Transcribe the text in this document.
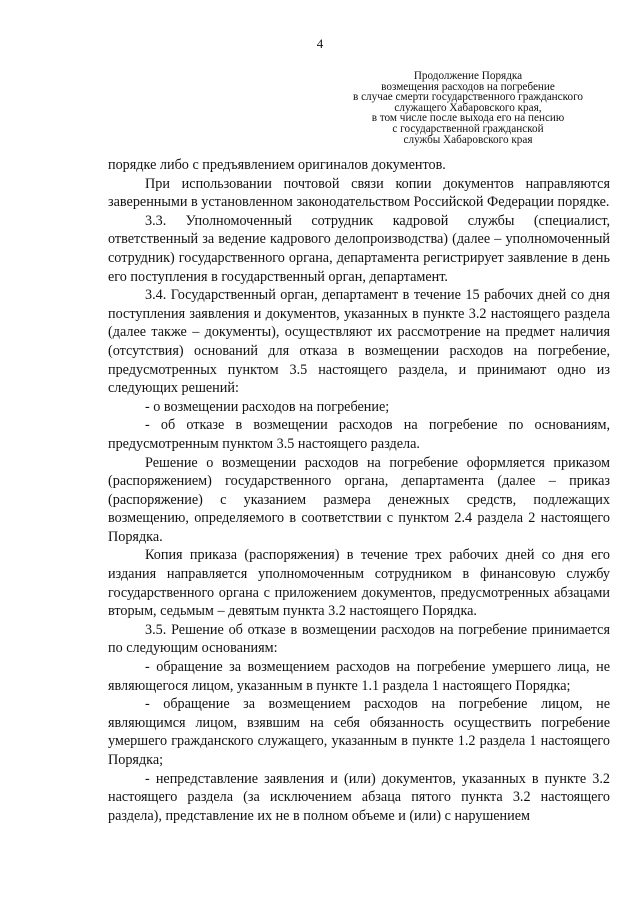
4
Продолжение Порядка
возмещения расходов на погребение
в случае смерти государственного гражданского
служащего Хабаровского края,
в том числе после выхода его на пенсию
с государственной гражданской
службы Хабаровского края

порядке либо с предъявлением оригиналов документов.

При использовании почтовой связи копии документов направляются заверенными в установленном законодательством Российской Федерации порядке.

3.3. Уполномоченный сотрудник кадровой службы (специалист, ответственный за ведение кадрового делопроизводства) (далее – уполномоченный сотрудник) государственного органа, департамента регистрирует заявление в день его поступления в государственный орган, департамент.

3.4. Государственный орган, департамент в течение 15 рабочих дней со дня поступления заявления и документов, указанных в пункте 3.2 настоящего раздела (далее также – документы), осуществляют их рассмотрение на предмет наличия (отсутствия) оснований для отказа в возмещении расходов на погребение, предусмотренных пунктом 3.5 настоящего раздела, и принимают одно из следующих решений:

- о возмещении расходов на погребение;

- об отказе в возмещении расходов на погребение по основаниям, предусмотренным пунктом 3.5 настоящего раздела.

Решение о возмещении расходов на погребение оформляется приказом (распоряжением) государственного органа, департамента (далее – приказ (распоряжение) с указанием размера денежных средств, подлежащих возмещению, определяемого в соответствии с пунктом 2.4 раздела 2 настоящего Порядка.

Копия приказа (распоряжения) в течение трех рабочих дней со дня его издания направляется уполномоченным сотрудником в финансовую службу государственного органа с приложением документов, предусмотренных абзацами вторым, седьмым – девятым пункта 3.2 настоящего Порядка.

3.5. Решение об отказе в возмещении расходов на погребение принимается по следующим основаниям:

- обращение за возмещением расходов на погребение умершего лица, не являющегося лицом, указанным в пункте 1.1 раздела 1 настоящего Порядка;

- обращение за возмещением расходов на погребение лицом, не являющимся лицом, взявшим на себя обязанность осуществить погребение умершего гражданского служащего, указанным в пункте 1.2 раздела 1 настоящего Порядка;

- непредставление заявления и (или) документов, указанных в пункте 3.2 настоящего раздела (за исключением абзаца пятого пункта 3.2 настоящего раздела), представление их не в полном объеме и (или) с нарушением
